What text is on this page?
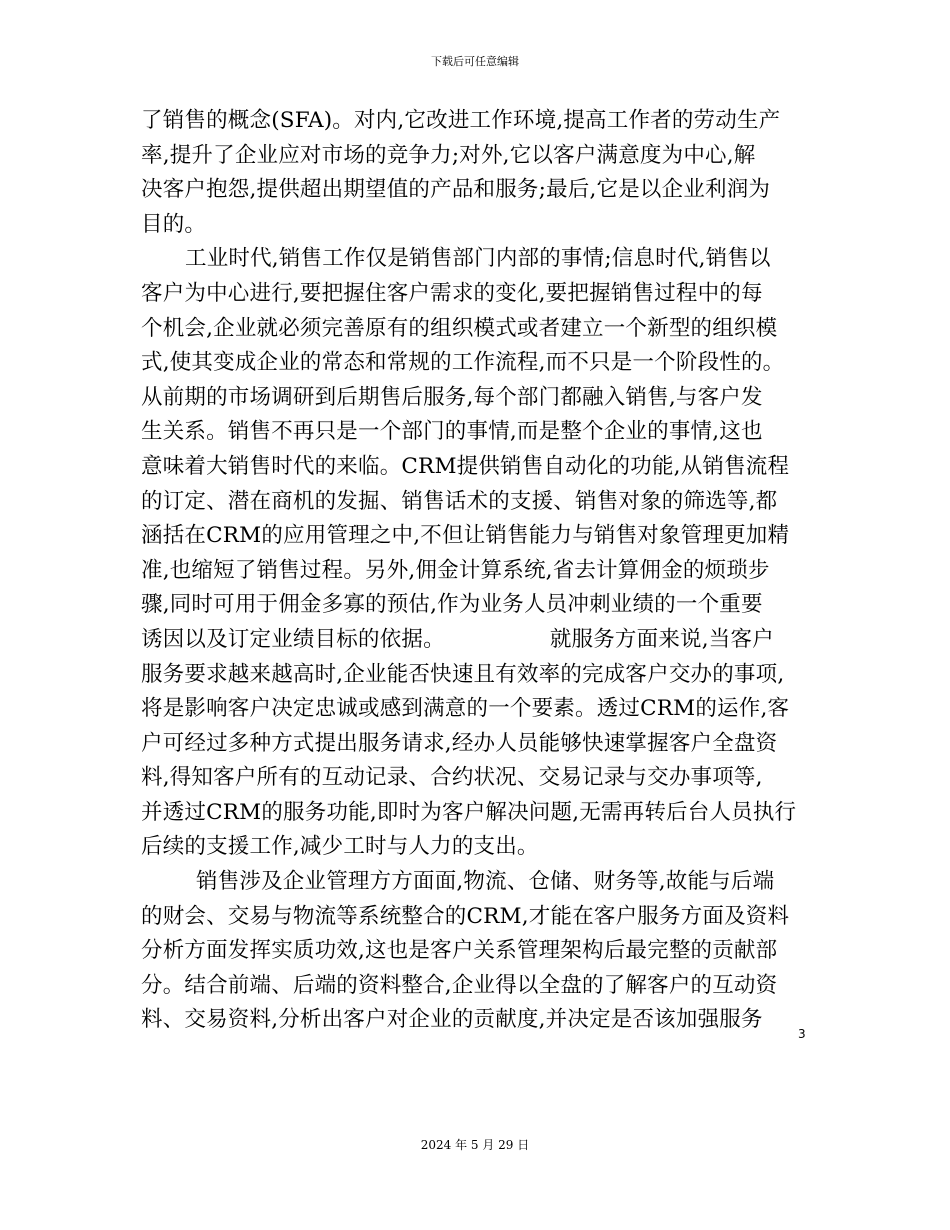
下载后可任意编辑
了销售的概念(SFA)。对内,它改进工作环境,提高工作者的劳动生产
率,提升了企业应对市场的竞争力;对外,它以客户满意度为中心,解
决客户抱怨,提供超出期望值的产品和服务;最后,它是以企业利润为
目的。
工业时代,销售工作仅是销售部门内部的事情;信息时代,销售以
客户为中心进行,要把握住客户需求的变化,要把握销售过程中的每
个机会,企业就必须完善原有的组织模式或者建立一个新型的组织模
式,使其变成企业的常态和常规的工作流程,而不只是一个阶段性的。
从前期的市场调研到后期售后服务,每个部门都融入销售,与客户发
生关系。销售不再只是一个部门的事情,而是整个企业的事情,这也
意味着大销售时代的来临。CRM提供销售自动化的功能,从销售流程
的订定、潜在商机的发掘、销售话术的支援、销售对象的筛选等,都
涵括在CRM的应用管理之中,不但让销售能力与销售对象管理更加精
准,也缩短了销售过程。另外,佣金计算系统,省去计算佣金的烦琐步
骤,同时可用于佣金多寡的预估,作为业务人员冲刺业绩的一个重要
诱因以及订定业绩目标的依据。	就服务方面来说,当客户
服务要求越来越高时,企业能否快速且有效率的完成客户交办的事项,
将是影响客户决定忠诚或感到满意的一个要素。透过CRM的运作,客
户可经过多种方式提出服务请求,经办人员能够快速掌握客户全盘资
料,得知客户所有的互动记录、合约状况、交易记录与交办事项等,
并透过CRM的服务功能,即时为客户解决问题,无需再转后台人员执行
后续的支援工作,减少工时与人力的支出。
销售涉及企业管理方方面面,物流、仓储、财务等,故能与后端
的财会、交易与物流等系统整合的CRM,才能在客户服务方面及资料
分析方面发挥实质功效,这也是客户关系管理架构后最完整的贡献部
分。结合前端、后端的资料整合,企业得以全盘的了解客户的互动资
料、交易资料,分析出客户对企业的贡献度,并决定是否该加强服务
3
2024 年 5 月 29 日
